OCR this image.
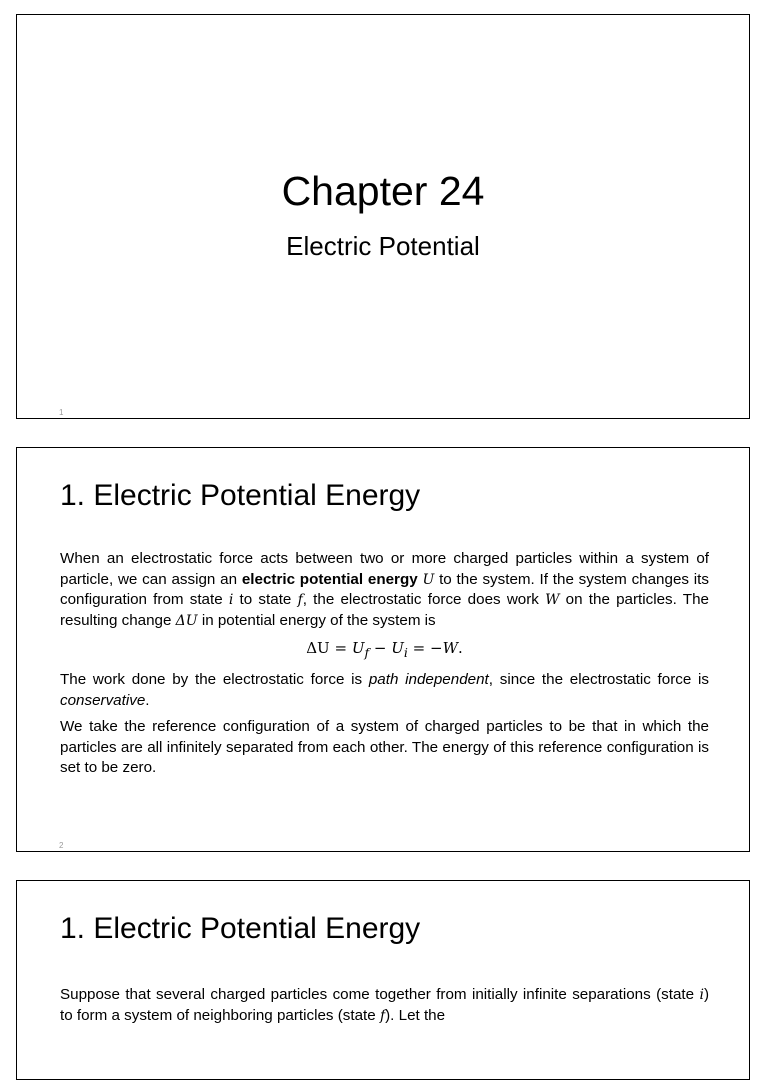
Chapter 24
Electric Potential
1
1. Electric Potential Energy

When an electrostatic force acts between two or more charged particles within a system of particle, we can assign an electric potential energy U to the system. If the system changes its configuration from state i to state f, the electrostatic force does work W on the particles. The resulting change ΔU in potential energy of the system is

$\Delta U = U_f - U_i = -W$.

The work done by the electrostatic force is path independent, since the electrostatic force is conservative.

We take the reference configuration of a system of charged particles to be that in which the particles are all infinitely separated from each other. The energy of this reference configuration is set to be zero.

2
1. Electric Potential Energy

Suppose that several charged particles come together from initially infinite separations (state i) to form a system of neighboring particles (state f). Let the
